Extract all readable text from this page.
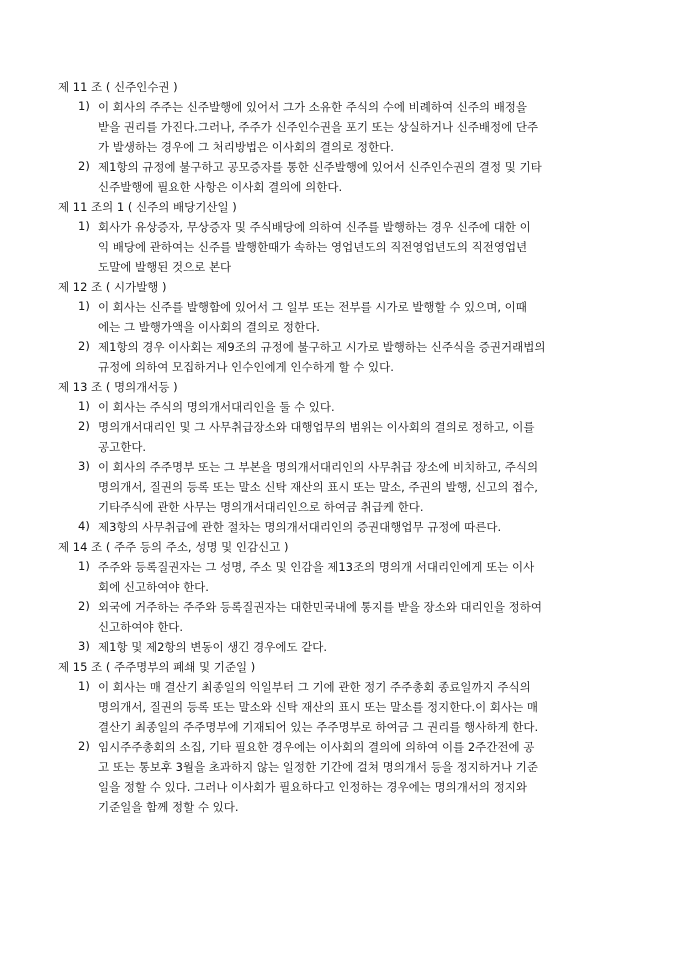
제 11 조 ( 신주인수권 )
1) 이 회사의 주주는 신주발행에 있어서 그가 소유한 주식의 수에 비례하여 신주의 배정을
받을 권리를 가진다.그러나, 주주가 신주인수권을 포기 또는 상실하거나 신주배정에 단주
가 발생하는 경우에 그 처리방법은 이사회의 결의로 정한다.
2) 제1항의 규정에 불구하고 공모증자를 통한 신주발행에 있어서 신주인수권의 결정 및 기타
신주발행에 필요한 사항은 이사회 결의에 의한다.
제 11 조의 1 ( 신주의 배당기산일 )
1) 회사가 유상증자, 무상증자 및 주식배당에 의하여 신주를 발행하는 경우 신주에 대한 이
익 배당에 관하여는 신주를 발행한때가 속하는 영업년도의 직전영업년도의 직전영업년
도말에 발행된 것으로 본다
제 12 조 ( 시가발행 )
1) 이 회사는 신주를 발행함에 있어서 그 일부 또는 전부를 시가로 발행할 수 있으며, 이때
에는 그 발행가액을 이사회의 결의로 정한다.
2) 제1항의 경우 이사회는 제9조의 규정에 불구하고 시가로 발행하는 신주식을 증권거래법의
규정에 의하여 모집하거나 인수인에게 인수하게 할 수 있다.
제 13 조 ( 명의개서등 )
1) 이 회사는 주식의 명의개서대리인을 둘 수 있다.
2) 명의개서대리인 및 그 사무취급장소와 대행업무의 범위는 이사회의 결의로 정하고, 이를
공고한다.
3) 이 회사의 주주명부 또는 그 부본을 명의개서대리인의 사무취급 장소에 비치하고, 주식의
명의개서, 질권의 등록 또는 말소 신탁 재산의 표시 또는 말소, 주권의 발행, 신고의 접수,
기타주식에 관한 사무는 명의개서대리인으로 하여금 취급케 한다.
4) 제3항의 사무취급에 관한 절차는 명의개서대리인의 증권대행업무 규정에 따른다.
제 14 조 ( 주주 등의 주소, 성명 및 인감신고 )
1) 주주와 등록질권자는 그 성명, 주소 및 인감을 제13조의 명의개 서대리인에게 또는 이사
회에 신고하여야 한다.
2) 외국에 거주하는 주주와 등록질권자는 대한민국내에 통지를 받을 장소와 대리인을 정하여
신고하여야 한다.
3) 제1항 및 제2항의 변동이 생긴 경우에도 같다.
제 15 조 ( 주주명부의 폐쇄 및 기준일 )
1) 이 회사는 매 결산기 최종일의 익일부터 그 기에 관한 정기 주주총회 종료일까지 주식의
명의개서, 질권의 등록 또는 말소와 신탁 재산의 표시 또는 말소를 정지한다.이 회사는 매
결산기 최종일의 주주명부에 기재되어 있는 주주명부로 하여금 그 권리를 행사하게 한다.
2) 임시주주총회의 소집, 기타 필요한 경우에는 이사회의 결의에 의하여 이를 2주간전에 공
고 또는 통보후 3월을 초과하지 않는 일정한 기간에 걸쳐 명의개서 등을 정지하거나 기준
일을 정할 수 있다. 그러나 이사회가 필요하다고 인정하는 경우에는 명의개서의 정지와
기준일을 함께 정할 수 있다.
